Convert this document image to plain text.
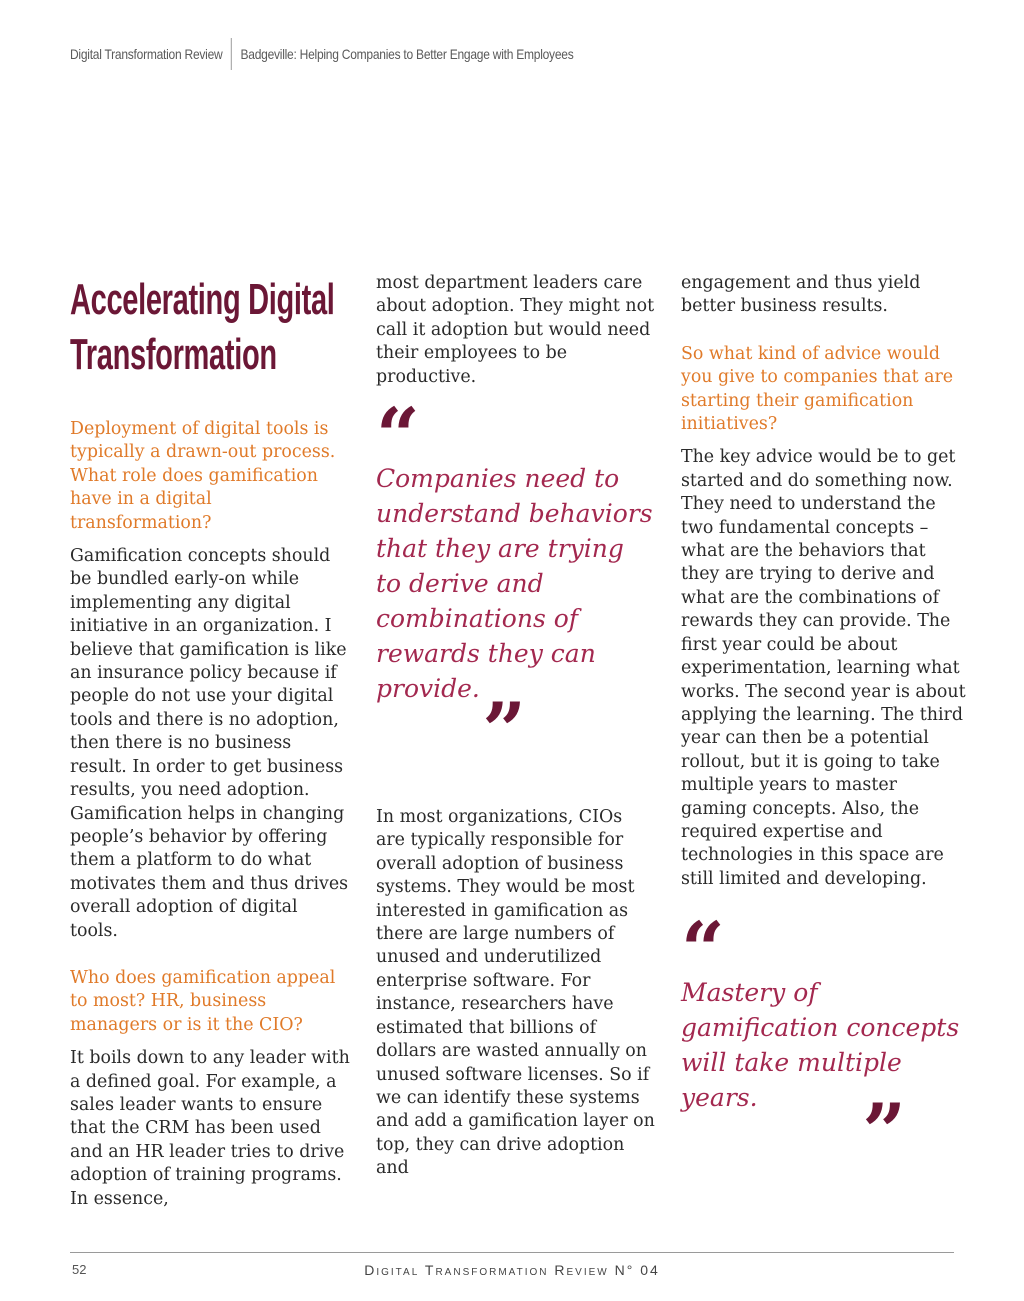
Digital Transformation Review Badgeville: Helping Companies to Better Engage with Employees
Accelerating Digital
Transformation

Deployment of digital tools is typically a drawn-out process. What role does gamification have in a digital transformation?

Gamification concepts should be bundled early-on while implementing any digital initiative in an organization. I believe that gamification is like an insurance policy because if people do not use your digital tools and there is no adoption, then there is no business result. In order to get business results, you need adoption. Gamification helps in changing people’s behavior by offering them a platform to do what motivates them and thus drives overall adoption of digital tools.

Who does gamification appeal to most? HR, business managers or is it the CIO?

It boils down to any leader with a defined goal. For example, a sales leader wants to ensure that the CRM has been used and an HR leader tries to drive adoption of training programs. In essence,

most department leaders care about adoption. They might not call it adoption but would need their employees to be productive.

“
Companies need to understand behaviors that they are trying to derive and combinations of rewards they can provide. ”

In most organizations, CIOs are typically responsible for overall adoption of business systems. They would be most interested in gamification as there are large numbers of unused and underutilized enterprise software. For instance, researchers have estimated that billions of dollars are wasted annually on unused software licenses. So if we can identify these systems and add a gamification layer on top, they can drive adoption and

engagement and thus yield better business results.

So what kind of advice would you give to companies that are starting their gamification initiatives?

The key advice would be to get started and do something now. They need to understand the two fundamental concepts – what are the behaviors that they are trying to derive and what are the combinations of rewards they can provide. The first year could be about experimentation, learning what works. The second year is about applying the learning. The third year can then be a potential rollout, but it is going to take multiple years to master gaming concepts. Also, the required expertise and technologies in this space are still limited and developing.

“
Mastery of gamification concepts will take multiple years.	”
52	Digital Transformation Review N° 04
